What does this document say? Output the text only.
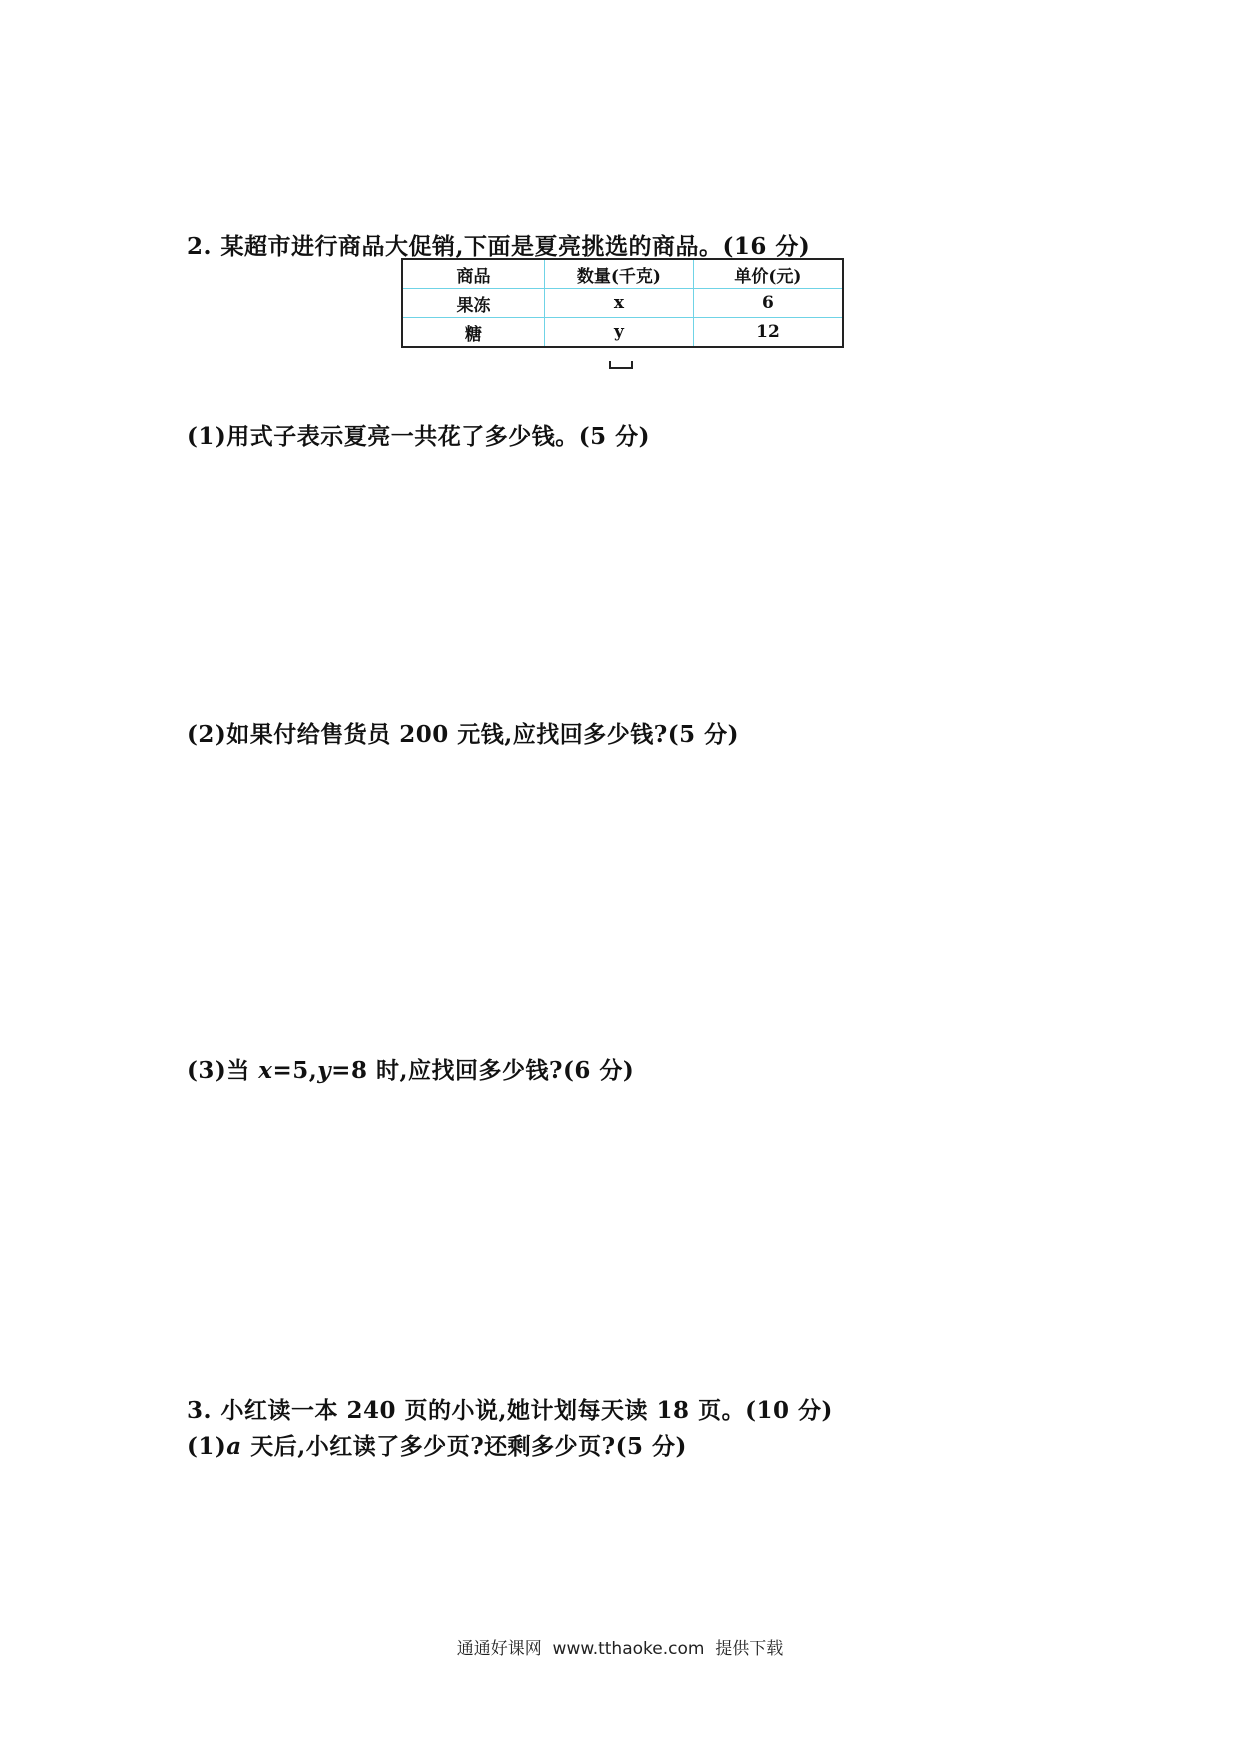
2. 某超市进行商品大促销,下面是夏亮挑选的商品。(16 分)
商品	数量(千克)	单价(元)
果冻	x	6
糖	y	12
(1)用式子表示夏亮一共花了多少钱。(5 分)
(2)如果付给售货员 200 元钱,应找回多少钱?(5 分)
(3)当 x=5,y=8 时,应找回多少钱?(6 分)
3. 小红读一本 240 页的小说,她计划每天读 18 页。(10 分)
(1)a 天后,小红读了多少页?还剩多少页?(5 分)
通通好课网  www.tthaoke.com  提供下载
